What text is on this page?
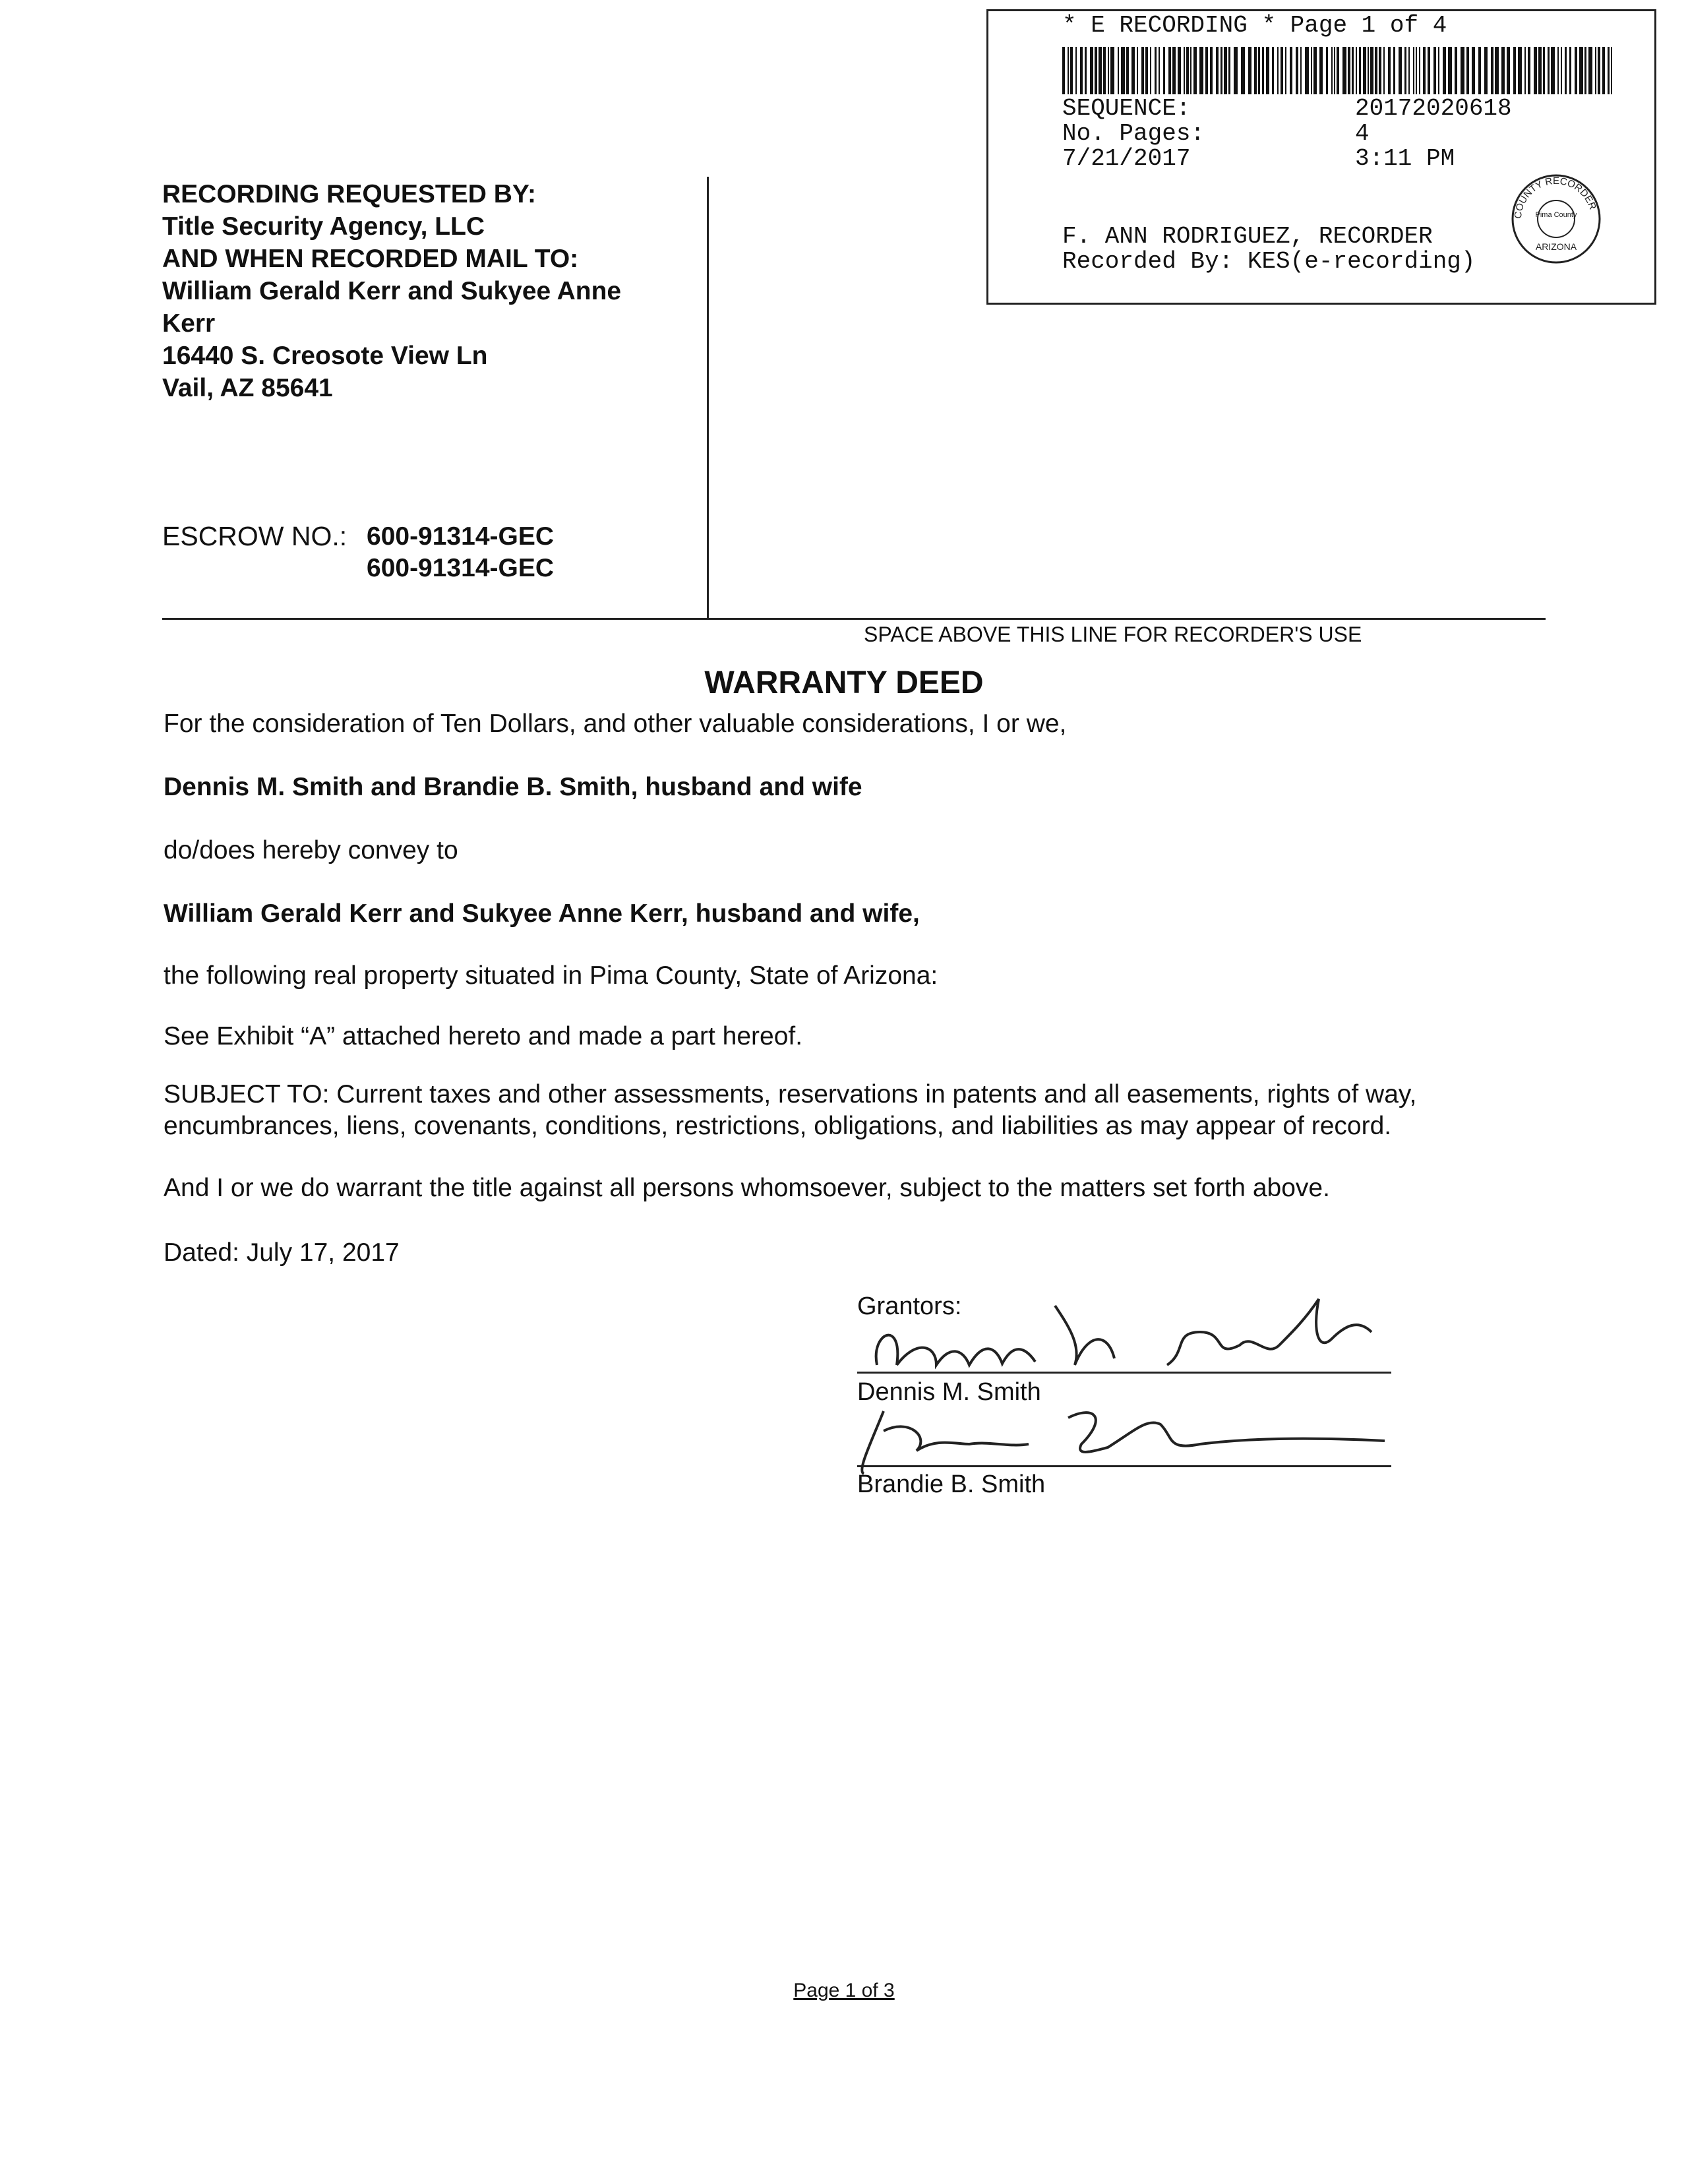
* E RECORDING * Page 1 of 4
SEQUENCE:	20172020618
No. Pages:	4
7/21/2017	3:11 PM
F. ANN RODRIGUEZ, RECORDER
Recorded By: KES(e-recording)
COUNTY RECORDER
Pima County
ARIZONA
RECORDING REQUESTED BY:
Title Security Agency, LLC
AND WHEN RECORDED MAIL TO:
William Gerald Kerr and Sukyee Anne
Kerr
16440 S. Creosote View Ln
Vail, AZ 85641
ESCROW NO.: 600-91314-GEC
600-91314-GEC
SPACE ABOVE THIS LINE FOR RECORDER'S USE
WARRANTY DEED
For the consideration of Ten Dollars, and other valuable considerations, I or we,
Dennis M. Smith and Brandie B. Smith, husband and wife
do/does hereby convey to
William Gerald Kerr and Sukyee Anne Kerr, husband and wife,
the following real property situated in Pima County, State of Arizona:
See Exhibit “A” attached hereto and made a part hereof.
SUBJECT TO: Current taxes and other assessments, reservations in patents and all easements, rights of way, encumbrances, liens, covenants, conditions, restrictions, obligations, and liabilities as may appear of record.
And I or we do warrant the title against all persons whomsoever, subject to the matters set forth above.
Dated: July 17, 2017
Grantors:
Dennis M. Smith
Brandie B. Smith
Page 1 of 3
